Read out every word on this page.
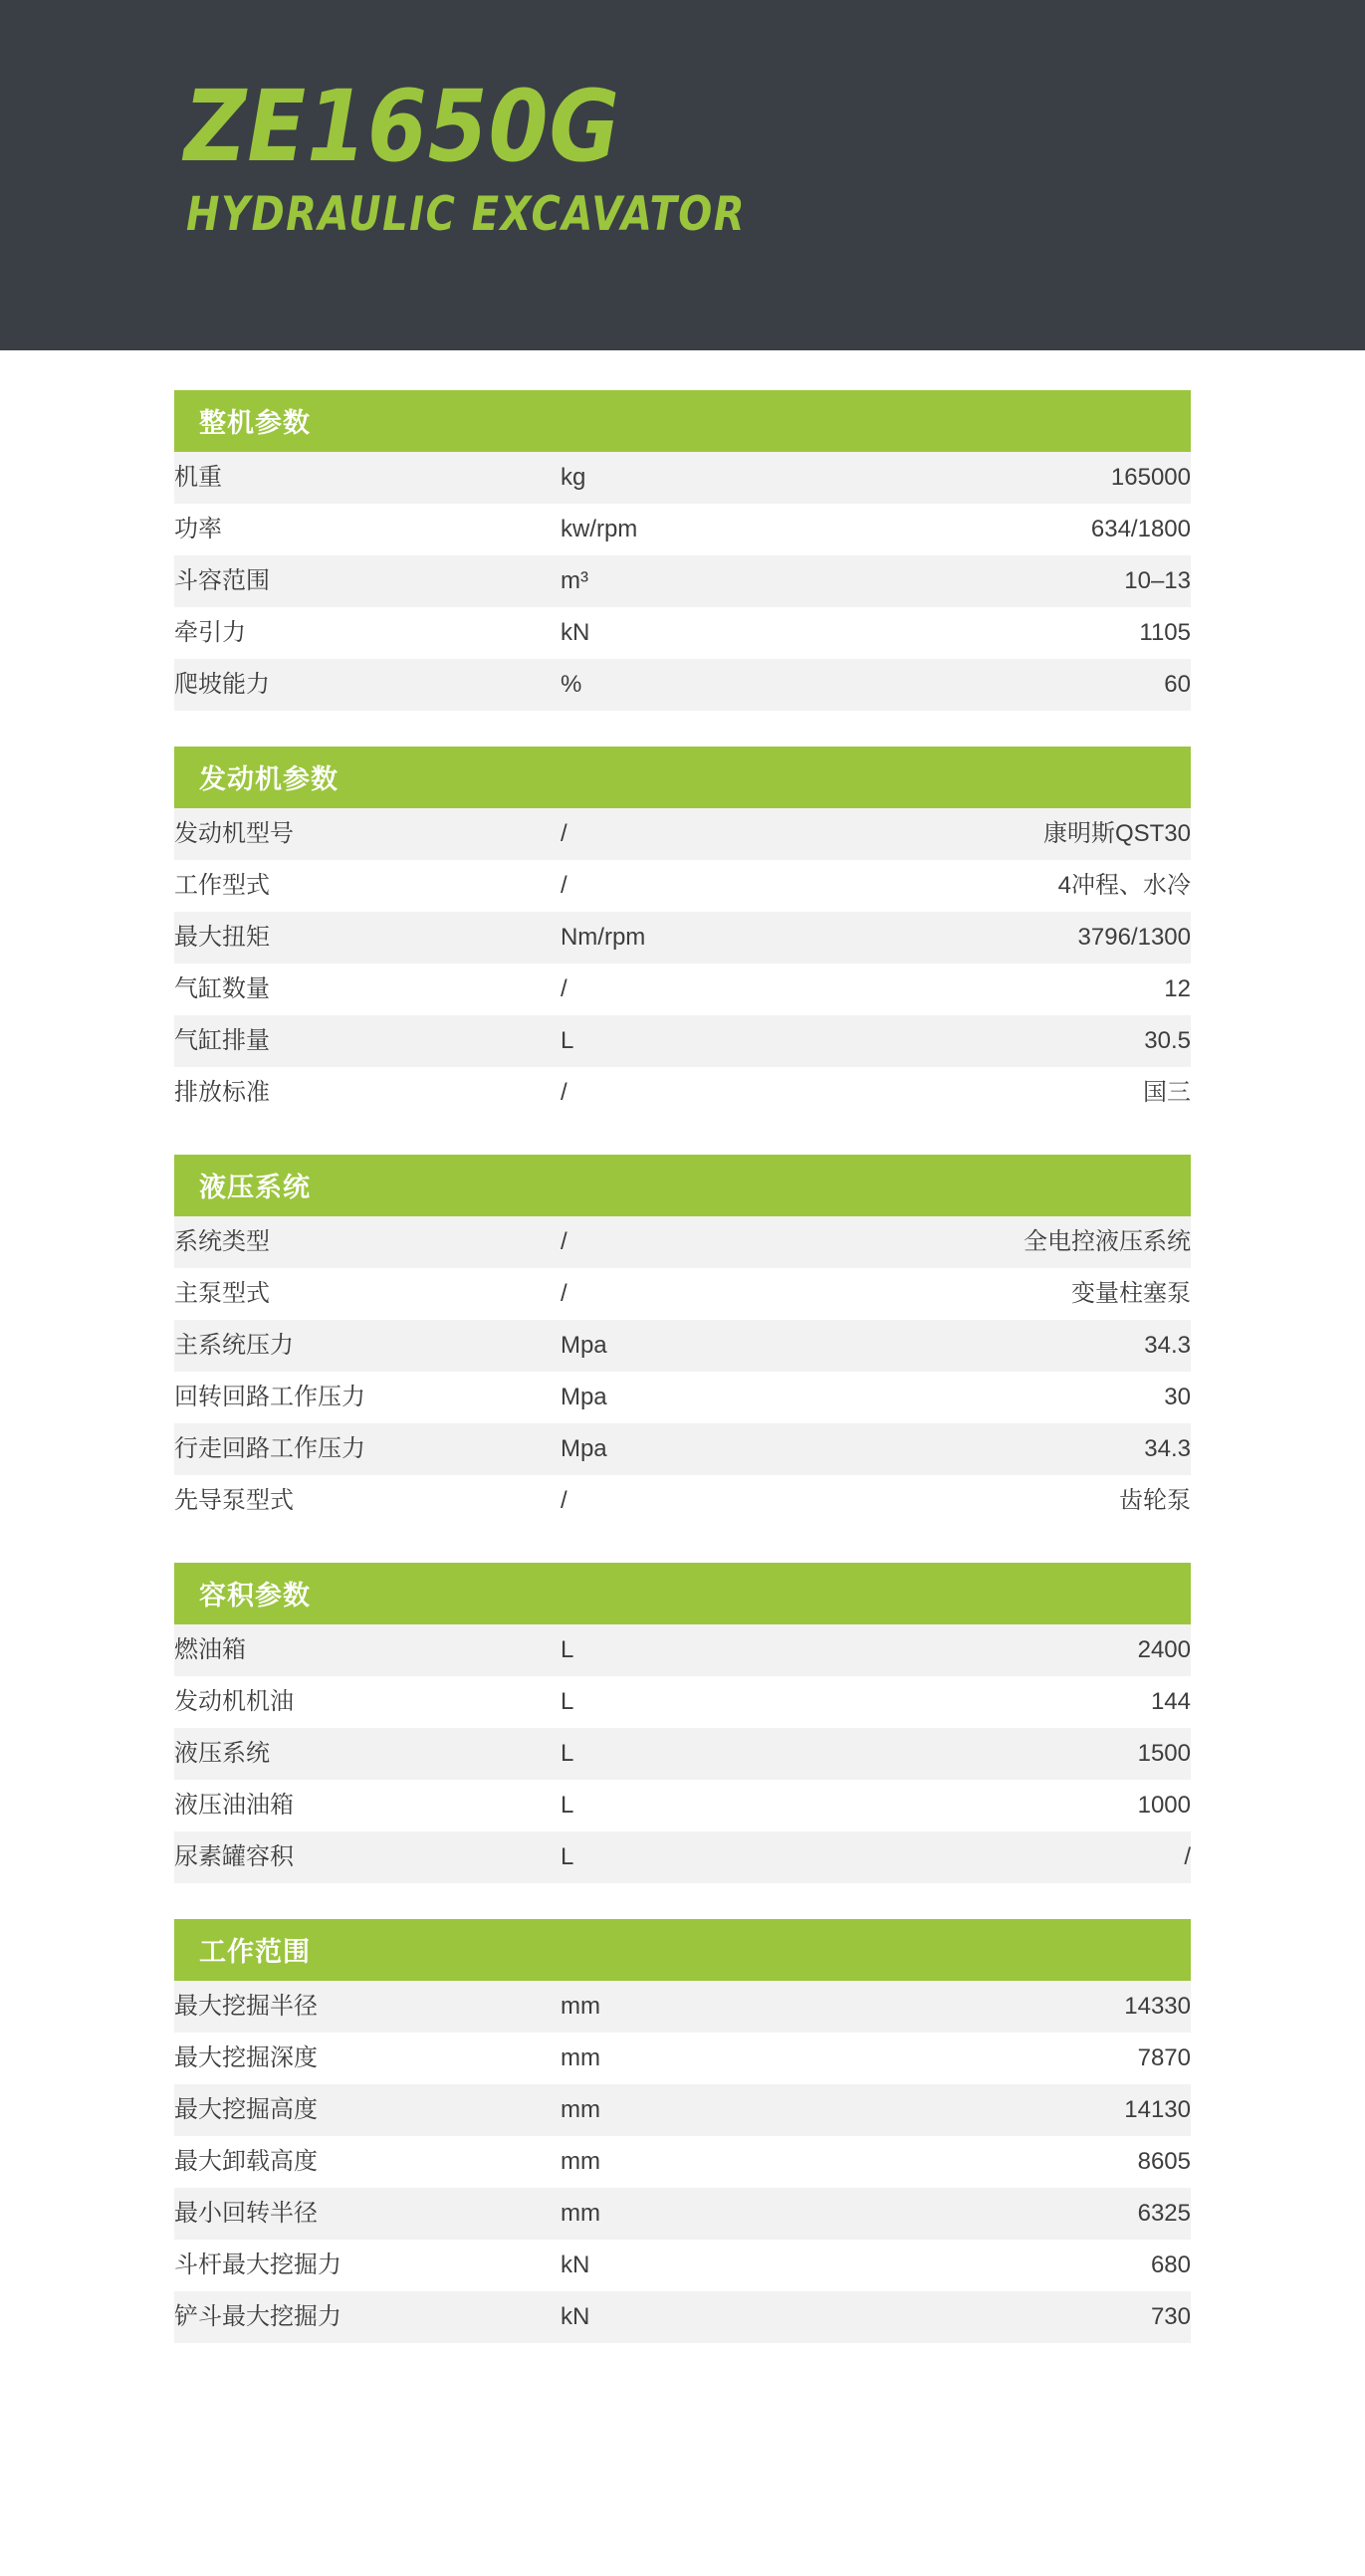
ZE1650G
HYDRAULIC EXCAVATOR
整机参数
机重	kg	165000
功率	kw/rpm	634/1800
斗容范围	m³	10–13
牵引力	kN	1105
爬坡能力	%	60
发动机参数
发动机型号	/	康明斯QST30
工作型式	/	4冲程、水冷
最大扭矩	Nm/rpm	3796/1300
气缸数量	/	12
气缸排量	L	30.5
排放标准	/	国三
液压系统
系统类型	/	全电控液压系统
主泵型式	/	变量柱塞泵
主系统压力	Mpa	34.3
回转回路工作压力	Mpa	30
行走回路工作压力	Mpa	34.3
先导泵型式	/	齿轮泵
容积参数
燃油箱	L	2400
发动机机油	L	144
液压系统	L	1500
液压油油箱	L	1000
尿素罐容积	L	/
工作范围
最大挖掘半径	mm	14330
最大挖掘深度	mm	7870
最大挖掘高度	mm	14130
最大卸载高度	mm	8605
最小回转半径	mm	6325
斗杆最大挖掘力	kN	680
铲斗最大挖掘力	kN	730
